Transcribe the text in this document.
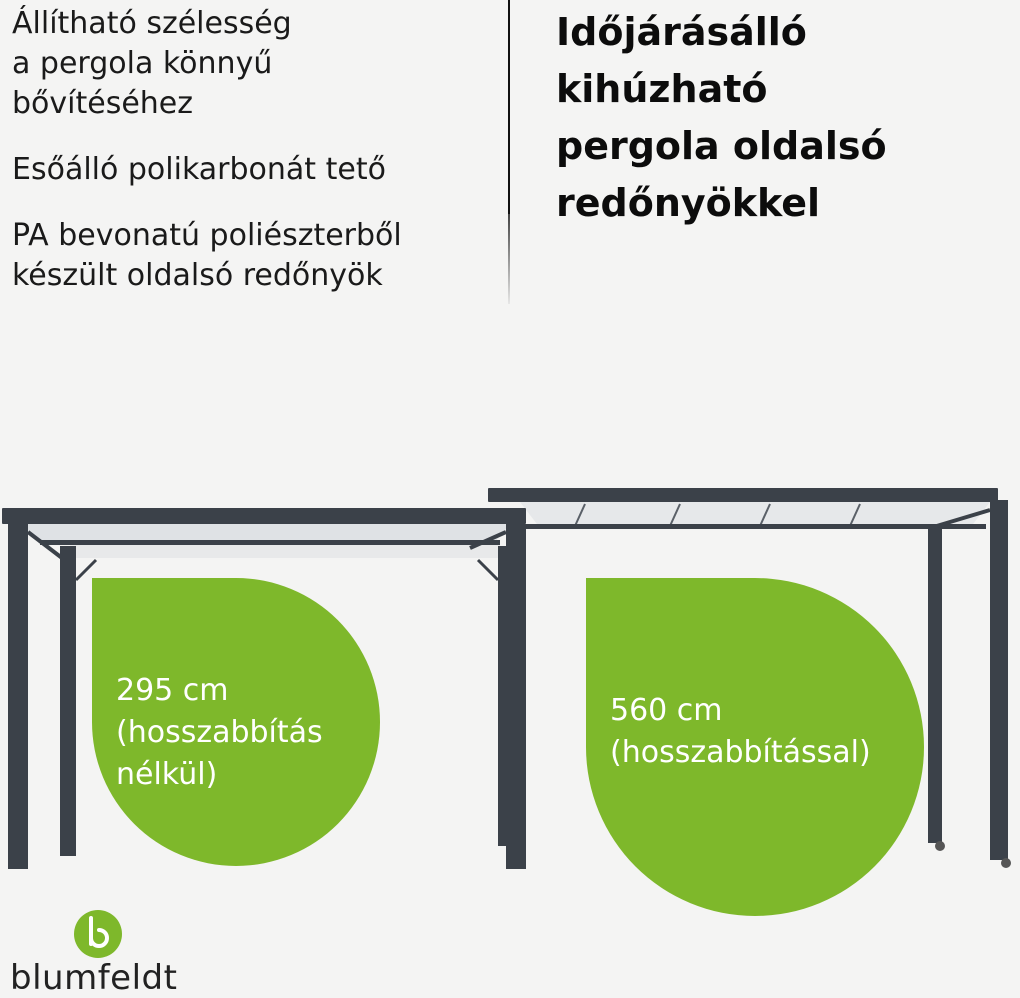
Állítható szélesség
a pergola könnyű
bővítéséhez
Esőálló polikarbonát tető
PA bevonatú poliészterből
készült oldalsó redőnyök
Időjárásálló
kihúzható
pergola oldalsó
redőnyökkel
295 cm
(hosszabbítás
nélkül)
560 cm
(hosszabbítással)
blumfeldt
